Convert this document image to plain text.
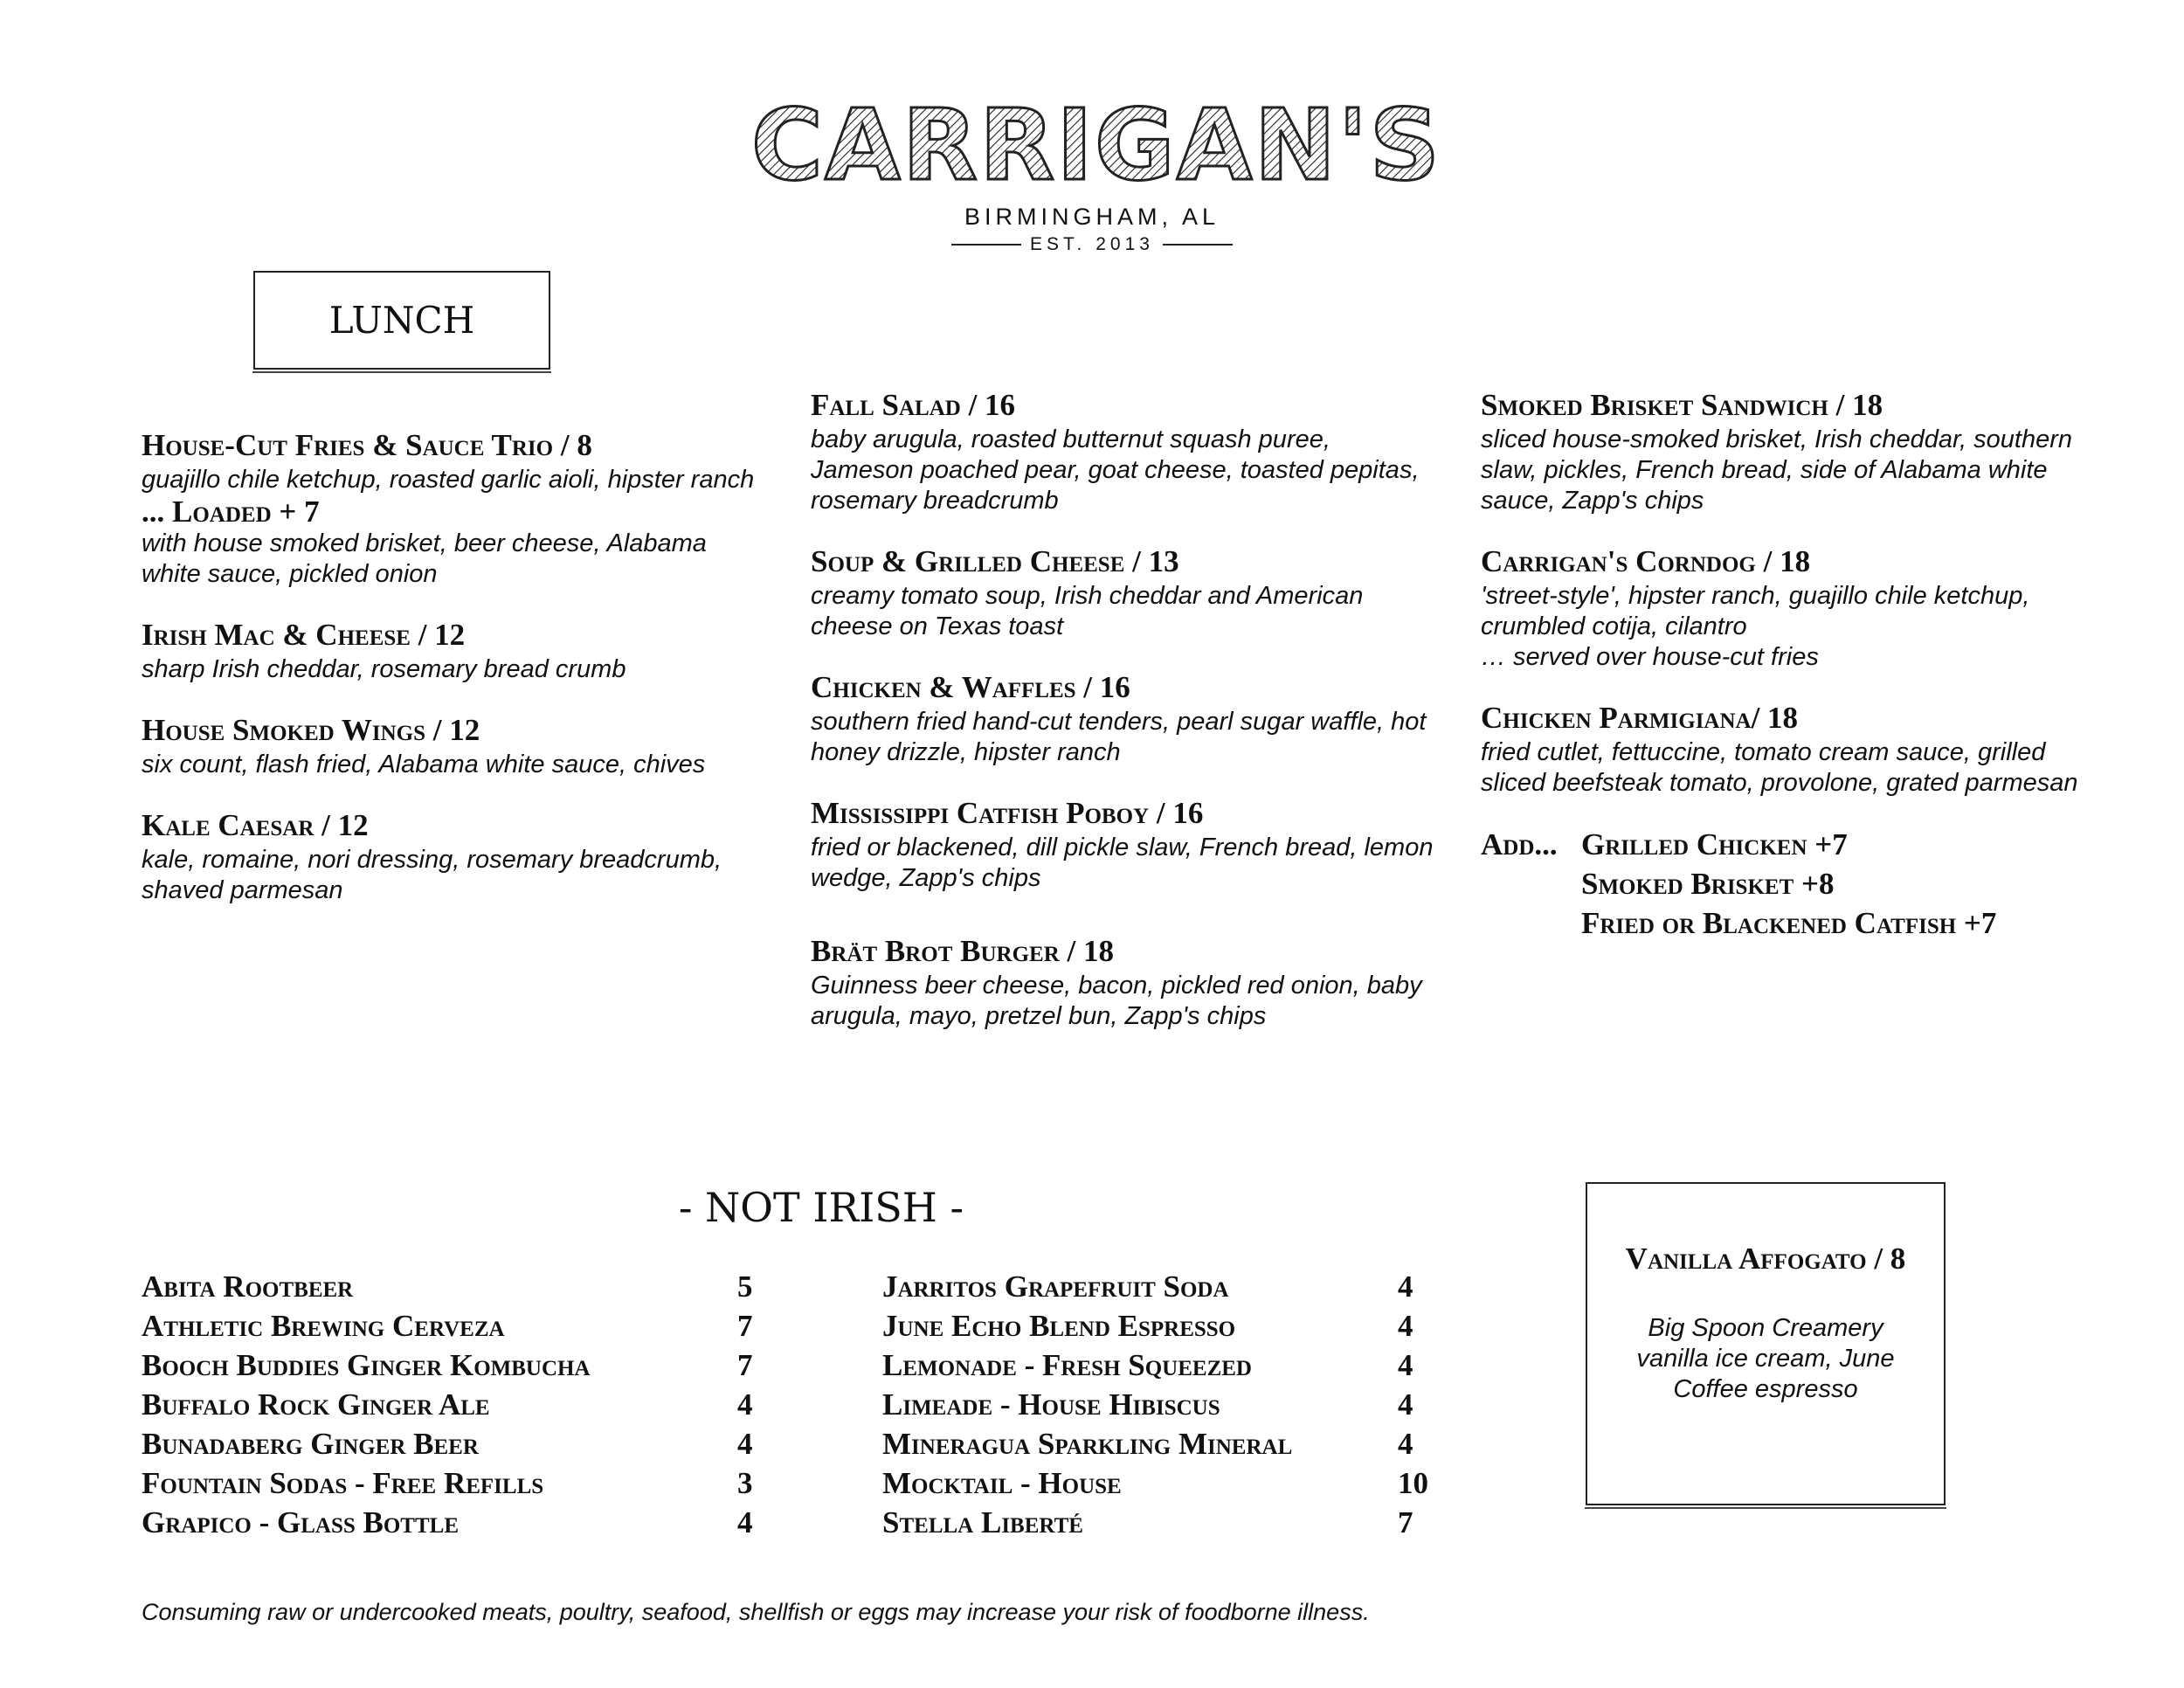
CARRIGAN'S
BIRMINGHAM, AL
EST. 2013
LUNCH
House-Cut Fries & Sauce Trio / 8
guajillo chile ketchup, roasted garlic aioli, hipster ranch
... Loaded + 7
with house smoked brisket, beer cheese, Alabama white sauce, pickled onion
Irish Mac & Cheese / 12
sharp Irish cheddar, rosemary bread crumb
House Smoked Wings / 12
six count, flash fried, Alabama white sauce, chives
Kale Caesar / 12
kale, romaine, nori dressing, rosemary breadcrumb, shaved parmesan
Fall Salad / 16
baby arugula, roasted butternut squash puree, Jameson poached pear, goat cheese, toasted pepitas, rosemary breadcrumb
Soup & Grilled Cheese / 13
creamy tomato soup, Irish cheddar and American cheese on Texas toast
Chicken & Waffles / 16
southern fried hand-cut tenders, pearl sugar waffle, hot honey drizzle, hipster ranch
Mississippi Catfish Poboy / 16
fried or blackened, dill pickle slaw, French bread, lemon wedge, Zapp's chips
Brät Brot Burger / 18
Guinness beer cheese, bacon, pickled red onion, baby arugula, mayo, pretzel bun, Zapp's chips
Smoked Brisket Sandwich / 18
sliced house-smoked brisket, Irish cheddar, southern slaw, pickles, French bread, side of Alabama white sauce, Zapp's chips
Carrigan's Corndog / 18
'street-style', hipster ranch, guajillo chile ketchup, crumbled cotija, cilantro
… served over house-cut fries
Chicken Parmigiana/ 18
fried cutlet, fettuccine, tomato cream sauce, grilled sliced beefsteak tomato, provolone, grated parmesan
Add... Grilled Chicken +7
Smoked Brisket +8
Fried or Blackened Catfish +7
- NOT IRISH -
Abita Rootbeer	5
Athletic Brewing Cerveza	7
Booch Buddies Ginger Kombucha	7
Buffalo Rock Ginger Ale	4
Bunadaberg Ginger Beer	4
Fountain Sodas - Free Refills	3
Grapico - Glass Bottle	4
Jarritos Grapefruit Soda	4
June Echo Blend Espresso	4
Lemonade - Fresh Squeezed	4
Limeade - House Hibiscus	4
Mineragua Sparkling Mineral	4
Mocktail - House	10
Stella Liberté	7
Vanilla Affogato / 8
Big Spoon Creamery vanilla ice cream, June Coffee espresso
Consuming raw or undercooked meats, poultry, seafood, shellfish or eggs may increase your risk of foodborne illness.
